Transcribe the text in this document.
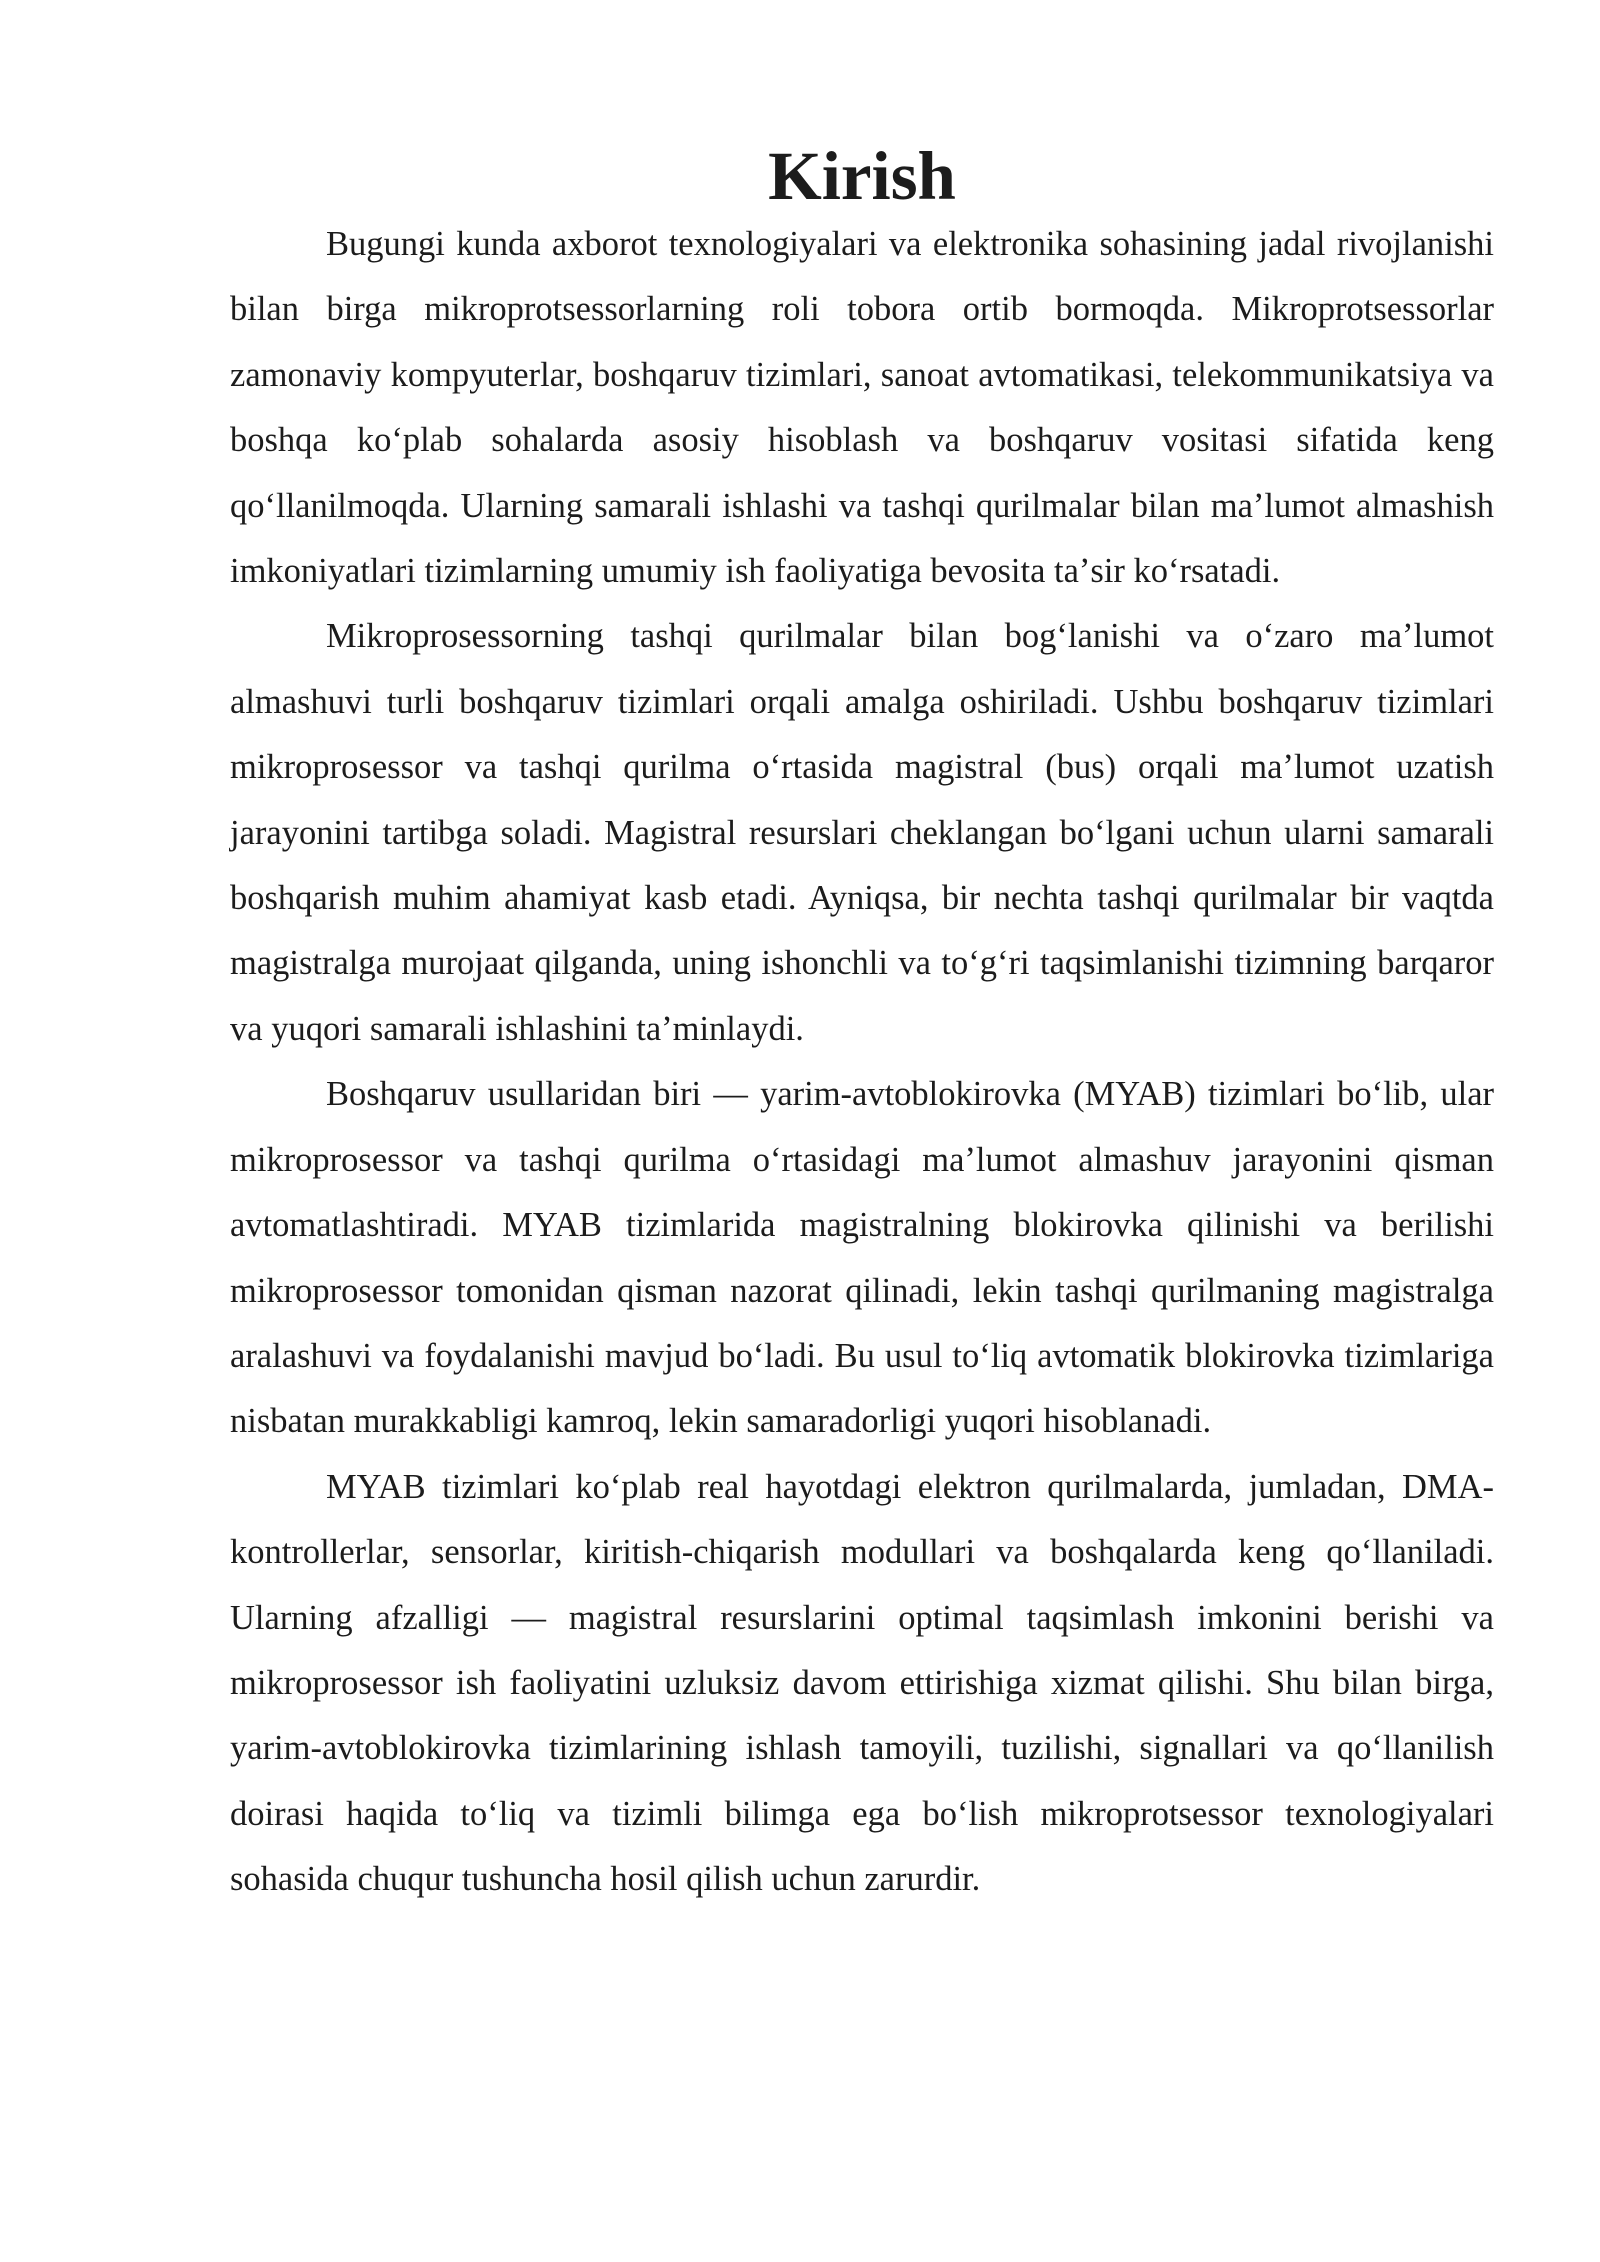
Kirish

Bugungi kunda axborot texnologiyalari va elektronika sohasining jadal rivojlanishi bilan birga mikroprotsessorlarning roli tobora ortib bormoqda. Mikroprotsessorlar zamonaviy kompyuterlar, boshqaruv tizimlari, sanoat avtomatikasi, telekommunikatsiya va boshqa koʻplab sohalarda asosiy hisoblash va boshqaruv vositasi sifatida keng qoʻllanilmoqda. Ularning samarali ishlashi va tashqi qurilmalar bilan maʼlumot almashish imkoniyatlari tizimlarning umumiy ish faoliyatiga bevosita taʼsir koʻrsatadi.

Mikroprosessorning tashqi qurilmalar bilan bogʻlanishi va oʻzaro maʼlumot almashuvi turli boshqaruv tizimlari orqali amalga oshiriladi. Ushbu boshqaruv tizimlari mikroprosessor va tashqi qurilma oʻrtasida magistral (bus) orqali maʼlumot uzatish jarayonini tartibga soladi. Magistral resurslari cheklangan boʻlgani uchun ularni samarali boshqarish muhim ahamiyat kasb etadi. Ayniqsa, bir nechta tashqi qurilmalar bir vaqtda magistralga murojaat qilganda, uning ishonchli va toʻgʻri taqsimlanishi tizimning barqaror va yuqori samarali ishlashini taʼminlaydi.

Boshqaruv usullaridan biri — yarim-avtoblokirovka (MYAB) tizimlari boʻlib, ular mikroprosessor va tashqi qurilma oʻrtasidagi maʼlumot almashuv jarayonini qisman avtomatlashtiradi. MYAB tizimlarida magistralning blokirovka qilinishi va berilishi mikroprosessor tomonidan qisman nazorat qilinadi, lekin tashqi qurilmaning magistralga aralashuvi va foydalanishi mavjud boʻladi. Bu usul toʻliq avtomatik blokirovka tizimlariga nisbatan murakkabligi kamroq, lekin samaradorligi yuqori hisoblanadi.

MYAB tizimlari koʻplab real hayotdagi elektron qurilmalarda, jumladan, DMA-kontrollerlar, sensorlar, kiritish-chiqarish modullari va boshqalarda keng qoʻllaniladi. Ularning afzalligi — magistral resurslarini optimal taqsimlash imkonini berishi va mikroprosessor ish faoliyatini uzluksiz davom ettirishiga xizmat qilishi. Shu bilan birga, yarim-avtoblokirovka tizimlarining ishlash tamoyili, tuzilishi, signallari va qoʻllanilish doirasi haqida toʻliq va tizimli bilimga ega boʻlish mikroprotsessor texnologiyalari sohasida chuqur tushuncha hosil qilish uchun zarurdir.
